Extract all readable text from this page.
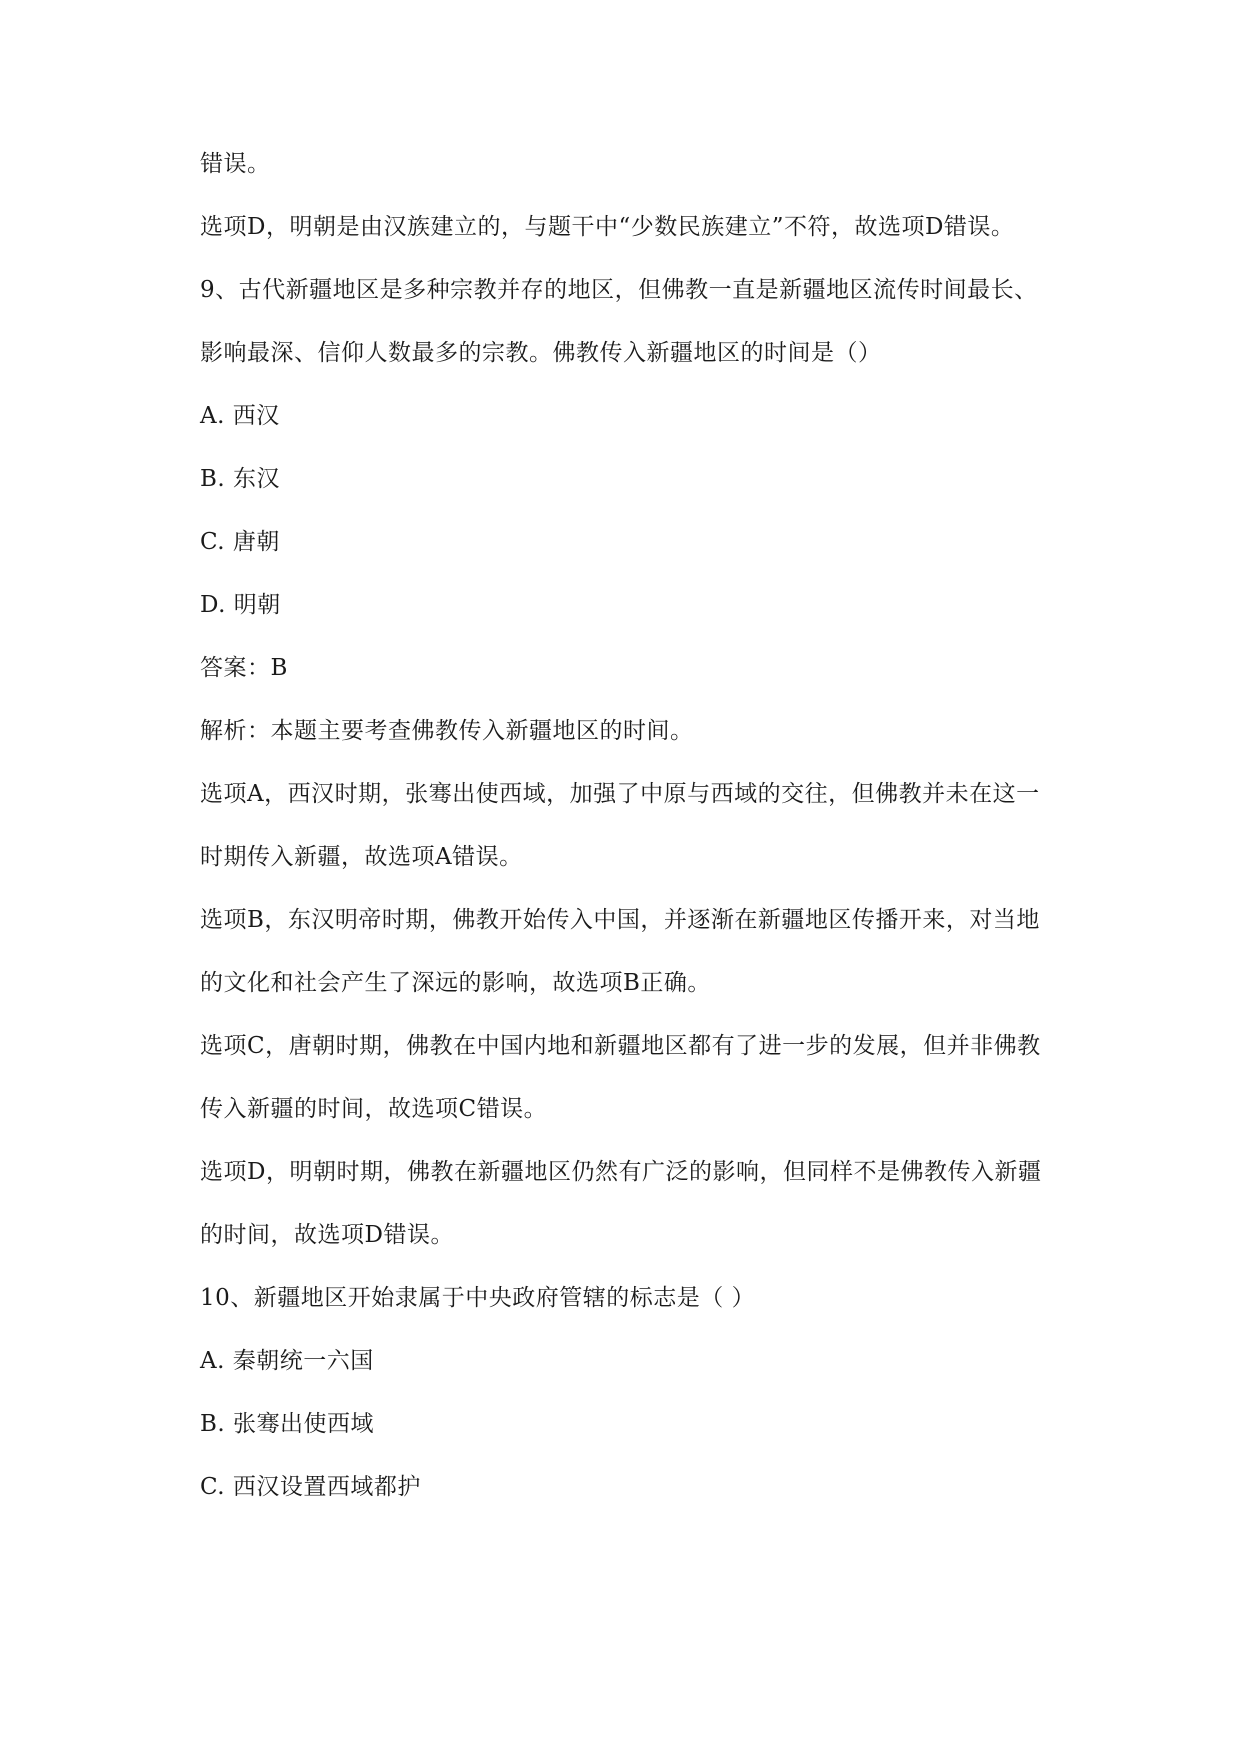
错误。
选项D，明朝是由汉族建立的，与题干中“少数民族建立”不符，故选项D错误。
9、古代新疆地区是多种宗教并存的地区，但佛教一直是新疆地区流传时间最长、
影响最深、信仰人数最多的宗教。佛教传入新疆地区的时间是（）
A. 西汉
B. 东汉
C. 唐朝
D. 明朝
答案：B
解析：本题主要考查佛教传入新疆地区的时间。
选项A，西汉时期，张骞出使西域，加强了中原与西域的交往，但佛教并未在这一
时期传入新疆，故选项A错误。
选项B，东汉明帝时期，佛教开始传入中国，并逐渐在新疆地区传播开来，对当地
的文化和社会产生了深远的影响，故选项B正确。
选项C，唐朝时期，佛教在中国内地和新疆地区都有了进一步的发展，但并非佛教
传入新疆的时间，故选项C错误。
选项D，明朝时期，佛教在新疆地区仍然有广泛的影响，但同样不是佛教传入新疆
的时间，故选项D错误。
10、新疆地区开始隶属于中央政府管辖的标志是（ ）
A. 秦朝统一六国
B. 张骞出使西域
C. 西汉设置西域都护
